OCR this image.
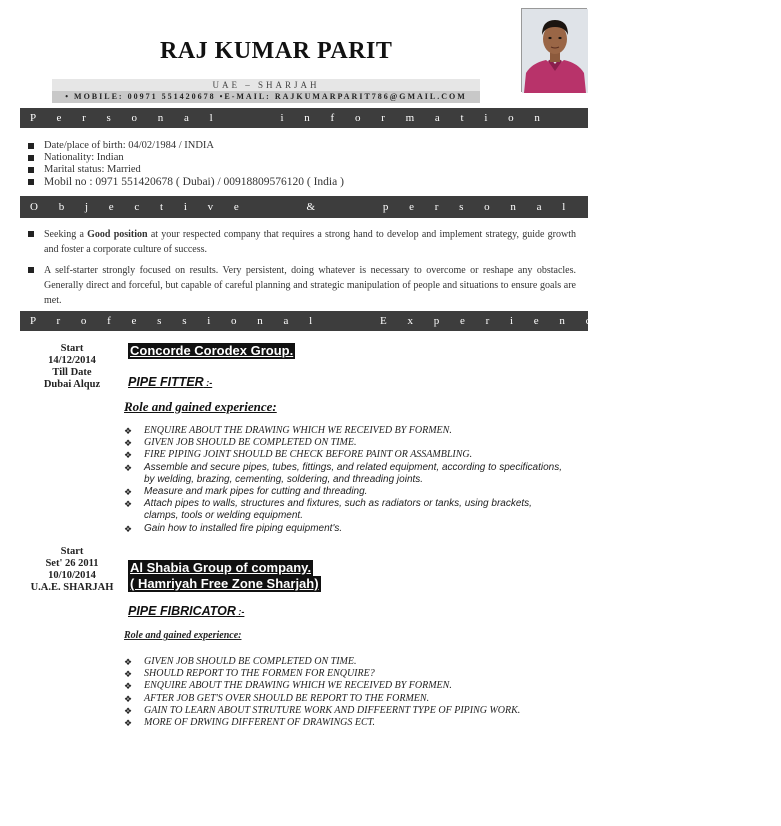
RAJ KUMAR PARIT
UAE – SHARJAH
• MOBILE: 00971 551420678 •E-MAIL: RAJKUMARPARIT786@GMAIL.COM
P e r s o n a l     i n f o r m a t i o n
Date/place of birth: 04/02/1984 / INDIA
Nationality: Indian
Marital status: Married
Mobil no : 0971 551420678 ( Dubai) / 00918809576120 ( India )
O b j e c t i v e     &     p e r s o n a l     m a k e u p
Seeking a Good position at your respected company that requires a strong hand to develop and implement strategy, guide growth and foster a corporate culture of success.
A self-starter strongly focused on results. Very persistent, doing whatever is necessary to overcome or reshape any obstacles. Generally direct and forceful, but capable of careful planning and strategic manipulation of people and situations to ensure goals are met.
P r o f e s s i o n a l     E x p e r i e n c e
Start
14/12/2014
Till Date
Dubai Alquz
Concorde Corodex Group.
PIPE FITTER :-
Role and gained experience:
❖ ENQUIRE ABOUT THE DRAWING WHICH WE RECEIVED BY FORMEN.
❖ GIVEN JOB SHOULD BE COMPLETED ON TIME.
❖ FIRE PIPING JOINT SHOULD BE CHECK BEFORE PAINT OR ASSAMBLING.
❖ Assemble and secure pipes, tubes, fittings, and related equipment, according to specifications, by welding, brazing, cementing, soldering, and threading joints.
❖ Measure and mark pipes for cutting and threading.
❖ Attach pipes to walls, structures and fixtures, such as radiators or tanks, using brackets, clamps, tools or welding equipment.
❖ Gain how to installed fire piping equipment's.
Start
Set' 26 2011
10/10/2014
U.A.E. SHARJAH
Al Shabia Group of company.
( Hamriyah Free Zone Sharjah)
PIPE FIBRICATOR :-
Role and gained experience:
❖ GIVEN JOB SHOULD BE COMPLETED ON TIME.
❖ SHOULD REPORT TO THE FORMEN FOR ENQUIRE?
❖ ENQUIRE ABOUT THE DRAWING WHICH WE RECEIVED BY FORMEN.
❖ AFTER JOB GET'S OVER SHOULD BE REPORT TO THE FORMEN.
❖ GAIN TO LEARN ABOUT STRUTURE WORK AND DIFFEERNT TYPE OF PIPING WORK.
❖ MORE OF DRWING DIFFERENT OF DRAWINGS ECT.
